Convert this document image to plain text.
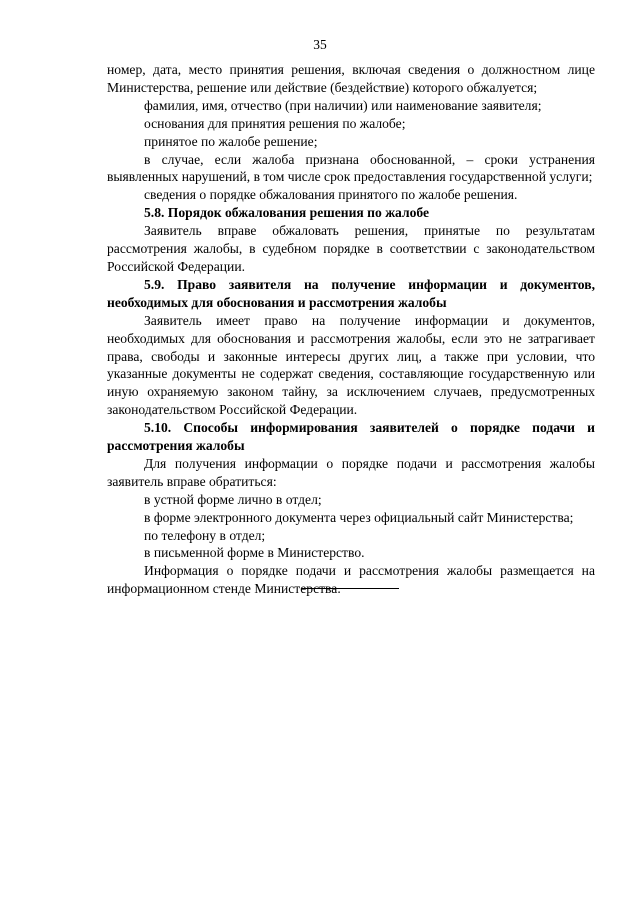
35

номер, дата, место принятия решения, включая сведения о должностном лице Министерства, решение или действие (бездействие) которого обжалуется;

фамилия, имя, отчество (при наличии) или наименование заявителя;

основания для принятия решения по жалобе;

принятое по жалобе решение;

в случае, если жалоба признана обоснованной, – сроки устранения выявленных нарушений, в том числе срок предоставления государственной услуги;

сведения о порядке обжалования принятого по жалобе решения.

5.8. Порядок обжалования решения по жалобе

Заявитель вправе обжаловать решения, принятые по результатам рассмотрения жалобы, в судебном порядке в соответствии с законодательством Российской Федерации.

5.9. Право заявителя на получение информации и документов, необходимых для обоснования и рассмотрения жалобы

Заявитель имеет право на получение информации и документов, необходимых для обоснования и рассмотрения жалобы, если это не затрагивает права, свободы и законные интересы других лиц, а также при условии, что указанные документы не содержат сведения, составляющие государственную или иную охраняемую законом тайну, за исключением случаев, предусмотренных законодательством Российской Федерации.

5.10. Способы информирования заявителей о порядке подачи и рассмотрения жалобы

Для получения информации о порядке подачи и рассмотрения жалобы заявитель вправе обратиться:

в устной форме лично в отдел;

в форме электронного документа через официальный сайт Министерства;

по телефону в отдел;

в письменной форме в Министерство.

Информация о порядке подачи и рассмотрения жалобы размещается на информационном стенде Министерства.
